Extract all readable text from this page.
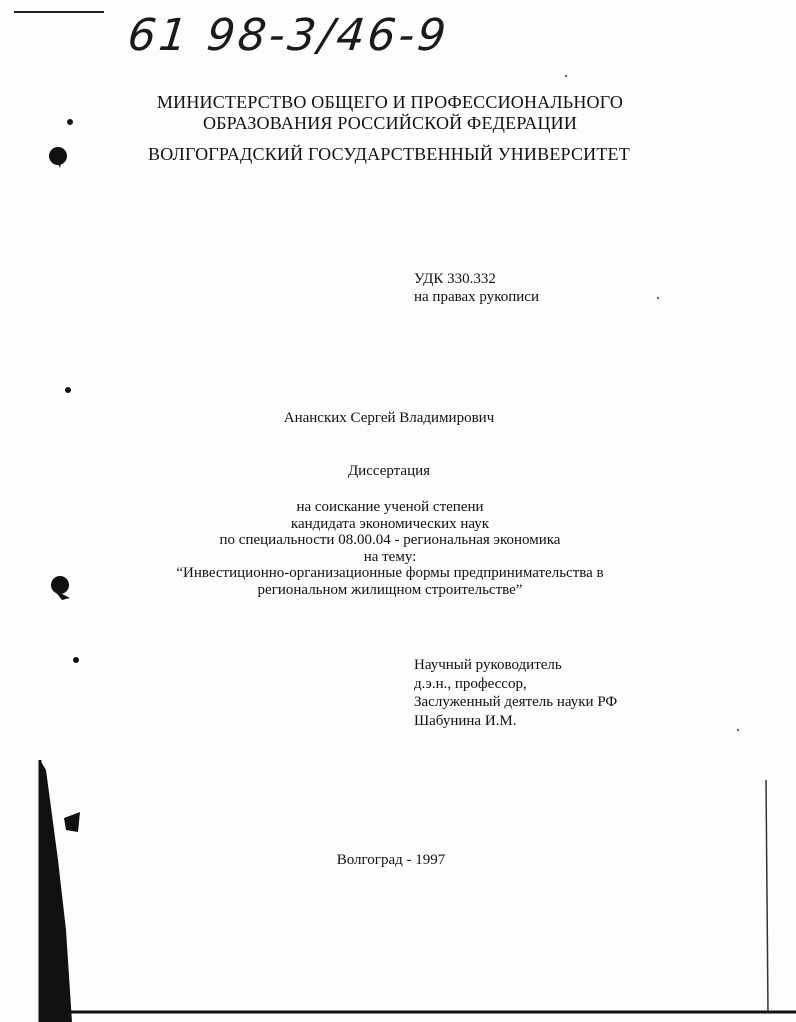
61 98-3/46-9
МИНИСТЕРСТВО ОБЩЕГО И ПРОФЕССИОНАЛЬНОГО
ОБРАЗОВАНИЯ РОССИЙСКОЙ ФЕДЕРАЦИИ
ВОЛГОГРАДСКИЙ ГОСУДАРСТВЕННЫЙ УНИВЕРСИТЕТ
УДК 330.332
на правах рукописи
Ананских Сергей Владимирович
Диссертация
на соискание ученой степени
кандидата экономических наук
по специальности 08.00.04 - региональная экономика
на тему:
“Инвестиционно-организационные формы предпринимательства в
региональном жилищном строительстве”
Научный руководитель
д.э.н., профессор,
Заслуженный деятель науки РФ
Шабунина И.М.
Волгоград - 1997
